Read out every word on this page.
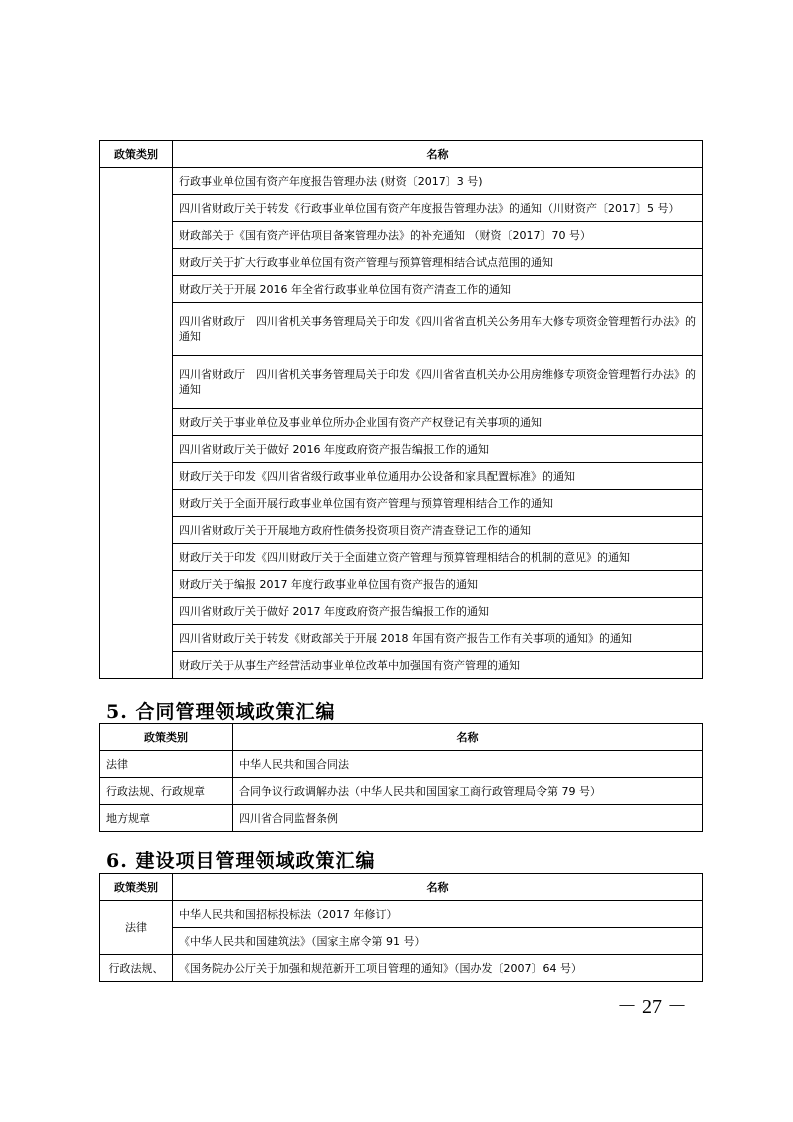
政策类别	名称
	行政事业单位国有资产年度报告管理办法 (财资〔2017〕3 号)
	四川省财政厅关于转发《行政事业单位国有资产年度报告管理办法》的通知（川财资产〔2017〕5 号）
	财政部关于《国有资产评估项目备案管理办法》的补充通知 （财资〔2017〕70 号）
	财政厅关于扩大行政事业单位国有资产管理与预算管理相结合试点范围的通知
	财政厅关于开展 2016 年全省行政事业单位国有资产清查工作的通知
	四川省财政厅　四川省机关事务管理局关于印发《四川省省直机关公务用车大修专项资金管理暂行办法》的通知
	四川省财政厅　四川省机关事务管理局关于印发《四川省省直机关办公用房维修专项资金管理暂行办法》的通知
	财政厅关于事业单位及事业单位所办企业国有资产产权登记有关事项的通知
	四川省财政厅关于做好 2016 年度政府资产报告编报工作的通知
	财政厅关于印发《四川省省级行政事业单位通用办公设备和家具配置标准》的通知
	财政厅关于全面开展行政事业单位国有资产管理与预算管理相结合工作的通知
	四川省财政厅关于开展地方政府性债务投资项目资产清查登记工作的通知
	财政厅关于印发《四川财政厅关于全面建立资产管理与预算管理相结合的机制的意见》的通知
	财政厅关于编报 2017 年度行政事业单位国有资产报告的通知
	四川省财政厅关于做好 2017 年度政府资产报告编报工作的通知
	四川省财政厅关于转发《财政部关于开展 2018 年国有资产报告工作有关事项的通知》的通知
	财政厅关于从事生产经营活动事业单位改革中加强国有资产管理的通知
5. 合同管理领域政策汇编
政策类别	名称
法律	中华人民共和国合同法
行政法规、行政规章	合同争议行政调解办法（中华人民共和国国家工商行政管理局令第 79 号）
地方规章	四川省合同监督条例
6. 建设项目管理领域政策汇编
政策类别	名称
法律	中华人民共和国招标投标法（2017 年修订）
	《中华人民共和国建筑法》（国家主席令第 91 号）
行政法规、	《国务院办公厅关于加强和规范新开工项目管理的通知》（国办发〔2007〕64 号）
－ 27 －
